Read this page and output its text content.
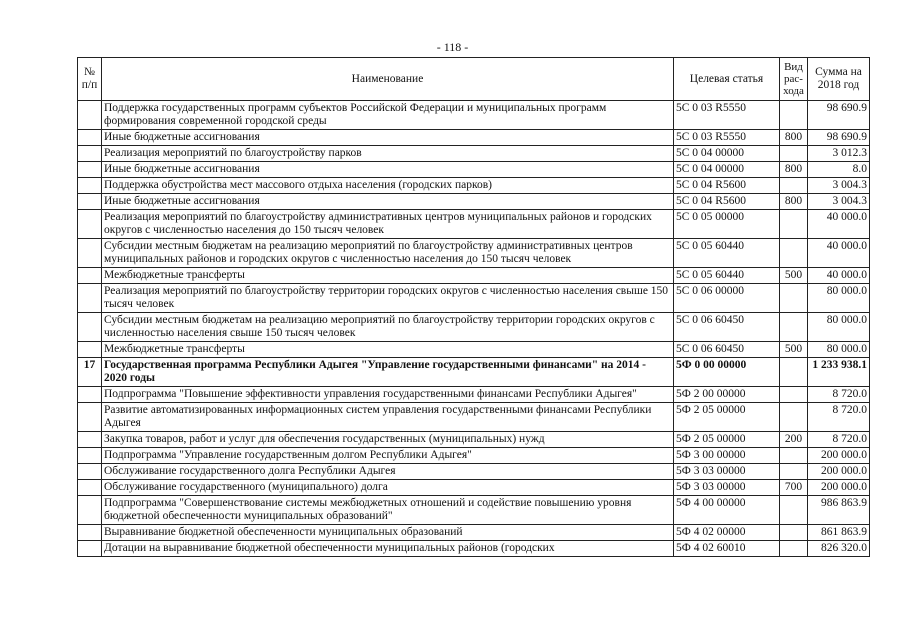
- 118 -
№ п/п	Наименование	Целевая статья	Вид рас-хода	Сумма на 2018 год
	Поддержка государственных программ субъектов Российской Федерации и муниципальных программ формирования современной городской среды	5С 0 03 R5550		98 690.9
	Иные бюджетные ассигнования	5С 0 03 R5550	800	98 690.9
	Реализация мероприятий по благоустройству парков	5С 0 04 00000		3 012.3
	Иные бюджетные ассигнования	5С 0 04 00000	800	8.0
	Поддержка обустройства мест массового отдыха населения (городских парков)	5С 0 04 R5600		3 004.3
	Иные бюджетные ассигнования	5С 0 04 R5600	800	3 004.3
	Реализация мероприятий по благоустройству административных центров муниципальных районов и городских округов с численностью населения до 150 тысяч человек	5С 0 05 00000		40 000.0
	Субсидии местным бюджетам на реализацию мероприятий по благоустройству административных центров муниципальных районов и городских округов с численностью населения до 150 тысяч человек	5С 0 05 60440		40 000.0
	Межбюджетные трансферты	5С 0 05 60440	500	40 000.0
	Реализация мероприятий по благоустройству территории городских округов с численностью населения свыше 150 тысяч человек	5С 0 06 00000		80 000.0
	Субсидии местным бюджетам на реализацию мероприятий по благоустройству территории городских округов с численностью населения свыше 150 тысяч человек	5С 0 06 60450		80 000.0
	Межбюджетные трансферты	5С 0 06 60450	500	80 000.0
17	Государственная программа Республики Адыгея "Управление государственными финансами" на 2014 - 2020 годы	5Ф 0 00 00000		1 233 938.1
	Подпрограмма "Повышение эффективности управления государственными финансами Республики Адыгея"	5Ф 2 00 00000		8 720.0
	Развитие автоматизированных информационных систем управления государственными финансами Республики Адыгея	5Ф 2 05 00000		8 720.0
	Закупка товаров, работ и услуг для обеспечения государственных (муниципальных) нужд	5Ф 2 05 00000	200	8 720.0
	Подпрограмма "Управление государственным долгом Республики Адыгея"	5Ф 3 00 00000		200 000.0
	Обслуживание государственного долга Республики Адыгея	5Ф 3 03 00000		200 000.0
	Обслуживание государственного (муниципального) долга	5Ф 3 03 00000	700	200 000.0
	Подпрограмма "Совершенствование системы межбюджетных отношений и содействие повышению уровня бюджетной обеспеченности муниципальных образований"	5Ф 4 00 00000		986 863.9
	Выравнивание бюджетной обеспеченности муниципальных образований	5Ф 4 02 00000		861 863.9
	Дотации на выравнивание бюджетной обеспеченности муниципальных районов (городских	5Ф 4 02 60010		826 320.0
